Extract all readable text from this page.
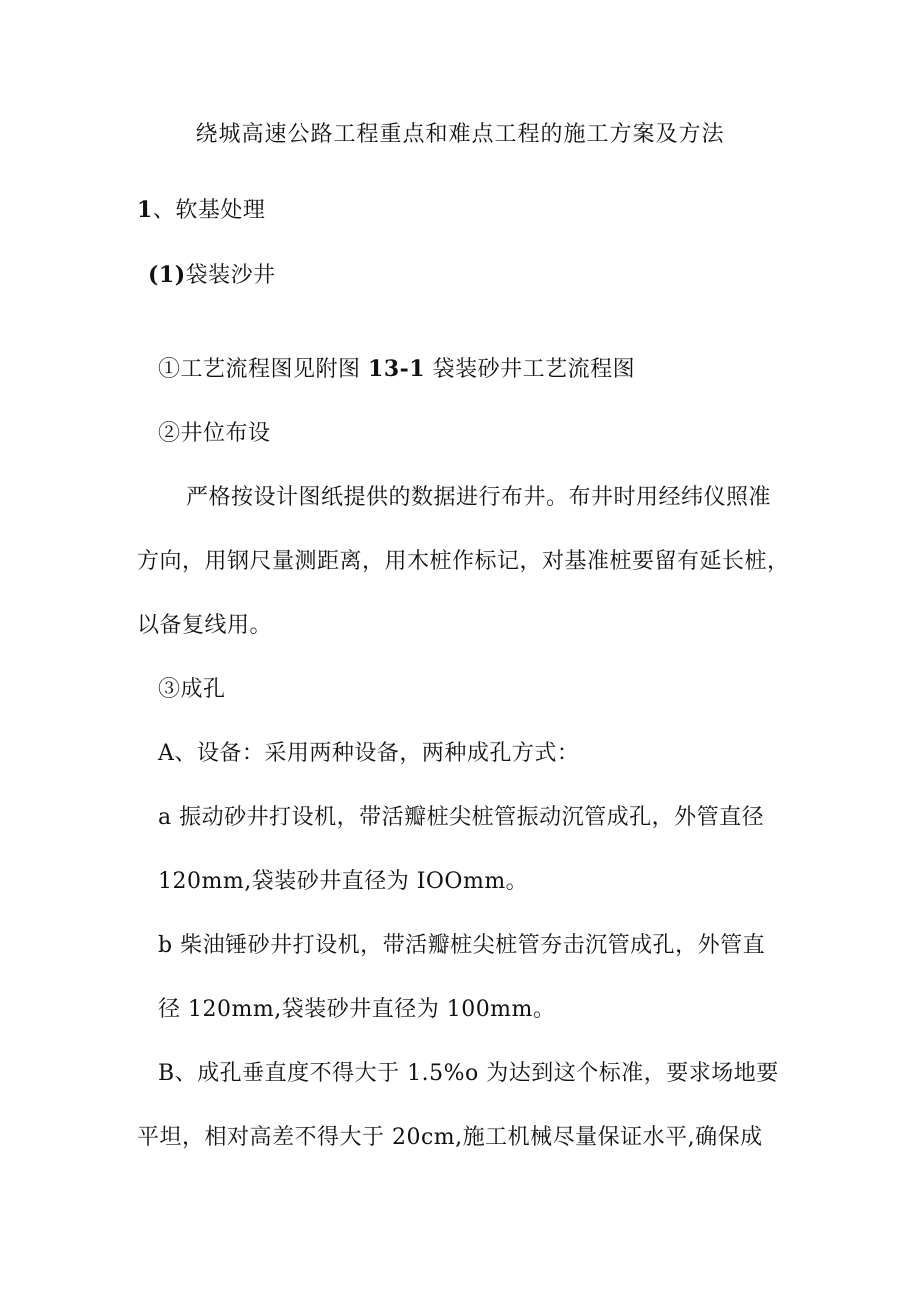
绕城高速公路工程重点和难点工程的施工方案及方法
1、软基处理
(1)袋装沙井
①工艺流程图见附图 13-1 袋装砂井工艺流程图
②井位布设
严格按设计图纸提供的数据进行布井。布井时用经纬仪照准
方向，用钢尺量测距离，用木桩作标记，对基准桩要留有延长桩，
以备复线用。
③成孔
A、设备：采用两种设备，两种成孔方式：
a 振动砂井打设机，带活瓣桩尖桩管振动沉管成孔，外管直径
120mm,袋装砂井直径为 IOOmm。
b 柴油锤砂井打设机，带活瓣桩尖桩管夯击沉管成孔，外管直
径 120mm,袋装砂井直径为 100mm。
B、成孔垂直度不得大于 1.5%o 为达到这个标准，要求场地要
平坦，相对高差不得大于 20cm,施工机械尽量保证水平,确保成
